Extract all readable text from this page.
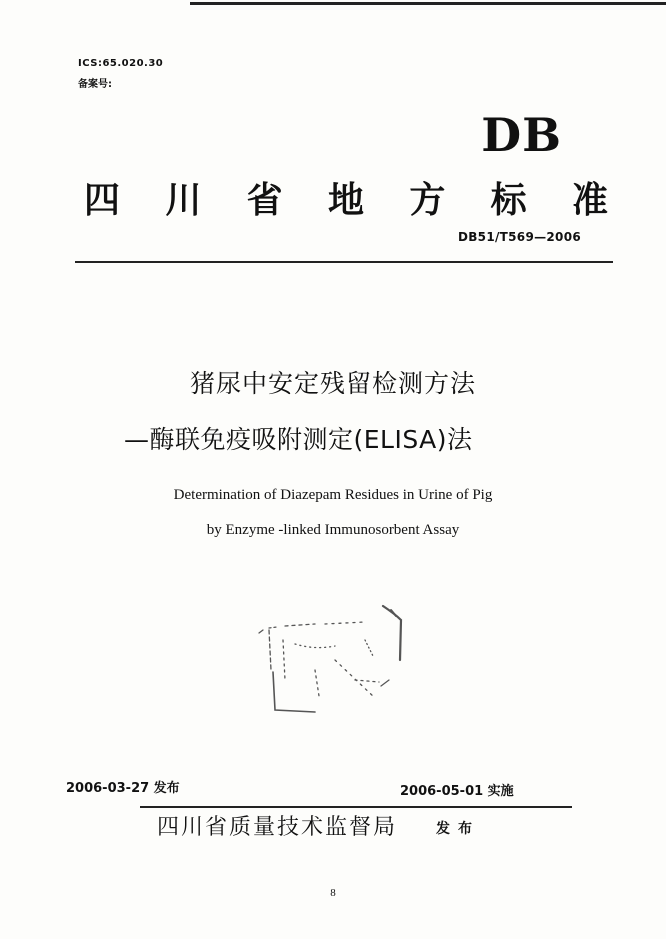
ICS:65.020.30
备案号:
DB
四 川 省 地 方 标 准
DB51/T569—2006
猪尿中安定残留检测方法
—酶联免疫吸附测定(ELISA)法
Determination of Diazepam Residues in Urine of Pig
by Enzyme -linked Immunosorbent Assay
2006-03-27 发布	2006-05-01 实施
四川省质量技术监督局	发布
8
